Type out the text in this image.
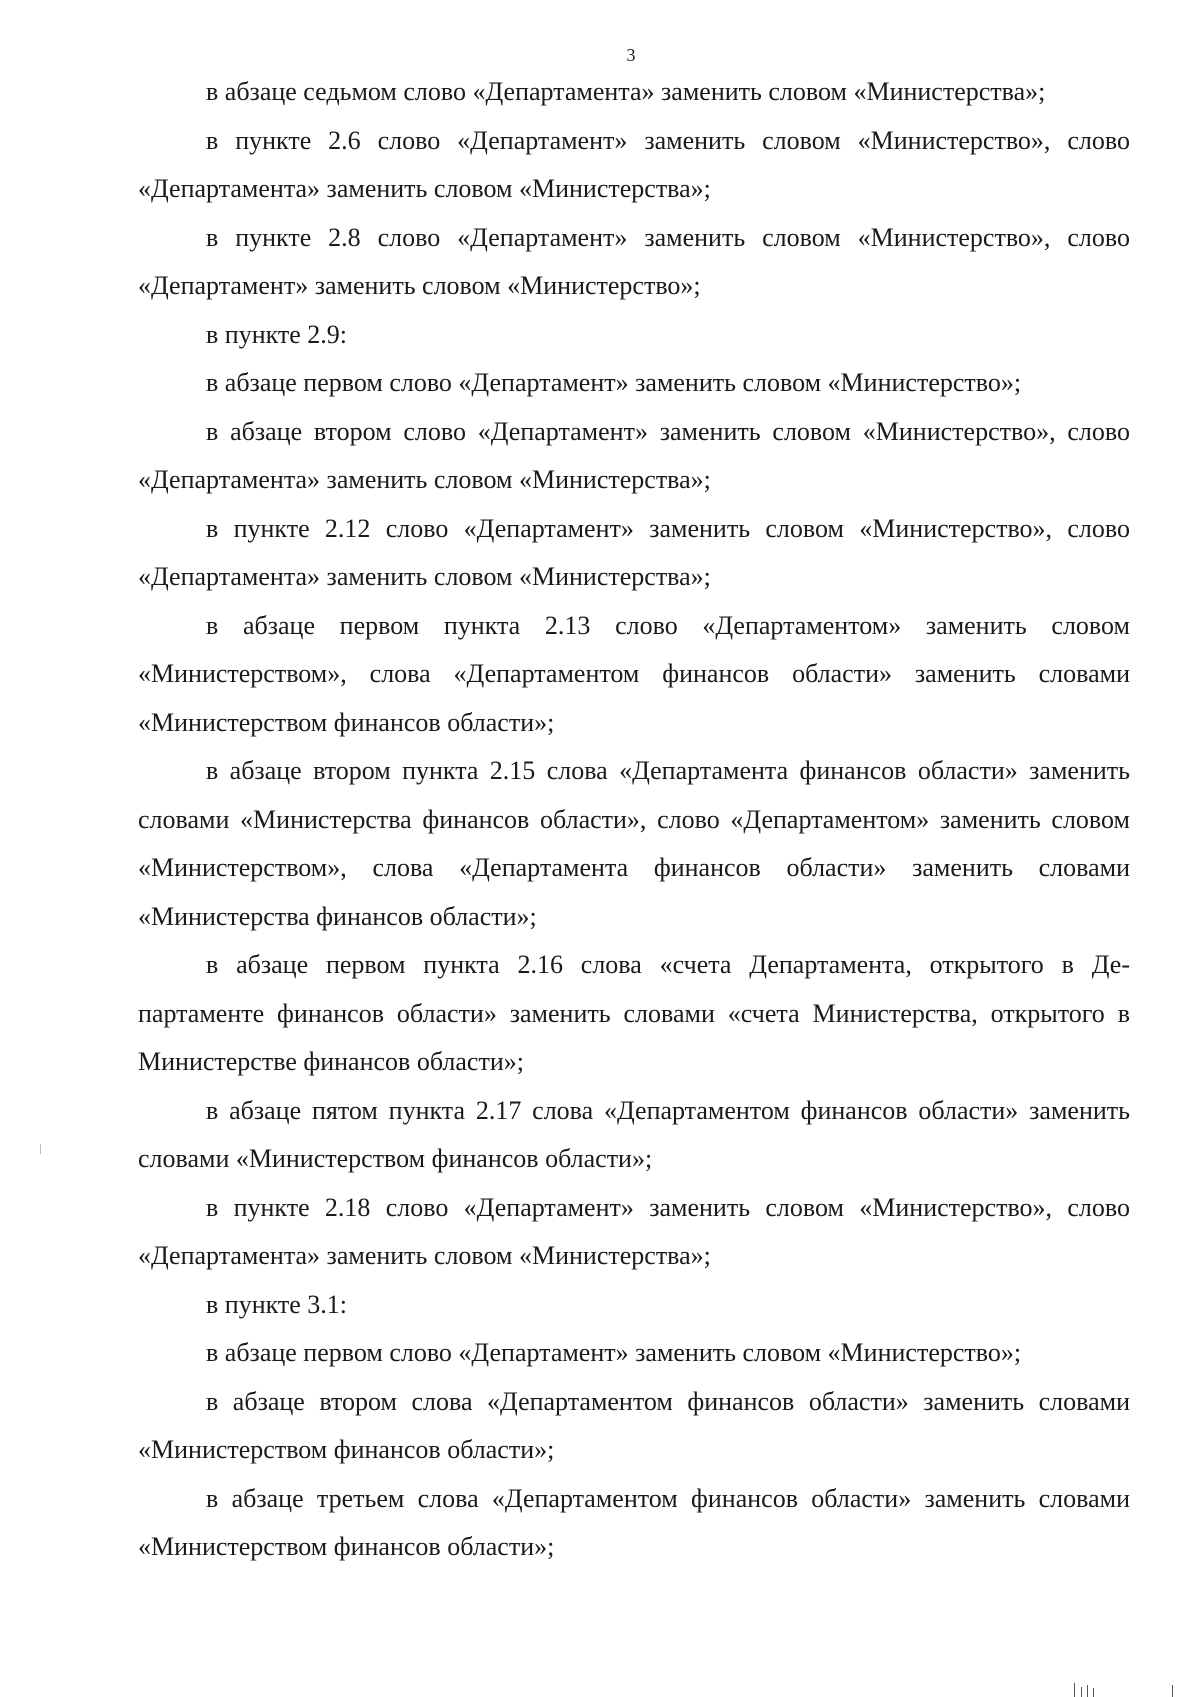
3

в абзаце седьмом слово «Департамента» заменить словом «Министерства»;

в пункте 2.6 слово «Департамент» заменить словом «Министерство», слово «Департамента» заменить словом «Министерства»;

в пункте 2.8 слово «Департамент» заменить словом «Министерство», слово «Департамент» заменить словом «Министерство»;

в пункте 2.9:

в абзаце первом слово «Департамент» заменить словом «Министерство»;

в абзаце втором слово «Департамент» заменить словом «Министерство», слово «Департамента» заменить словом «Министерства»;

в пункте 2.12 слово «Департамент» заменить словом «Министерство», слово «Департамента» заменить словом «Министерства»;

в абзаце первом пункта 2.13 слово «Департаментом» заменить словом «Министерством», слова «Департаментом финансов области» заменить словами «Министерством финансов области»;

в абзаце втором пункта 2.15 слова «Департамента финансов области» заменить словами «Министерства финансов области», слово «Департаментом» заменить словом «Министерством», слова «Департамента финансов области» заменить словами «Министерства финансов области»;

в абзаце первом пункта 2.16 слова «счета Департамента, открытого в Департаменте финансов области» заменить словами «счета Министерства, открытого в Министерстве финансов области»;

в абзаце пятом пункта 2.17 слова «Департаментом финансов области» заменить словами «Министерством финансов области»;

в пункте 2.18 слово «Департамент» заменить словом «Министерство», слово «Департамента» заменить словом «Министерства»;

в пункте 3.1:

в абзаце первом слово «Департамент» заменить словом «Министерство»;

в абзаце втором слова «Департаментом финансов области» заменить словами «Министерством финансов области»;

в абзаце третьем слова «Департаментом финансов области» заменить словами «Министерством финансов области»;
